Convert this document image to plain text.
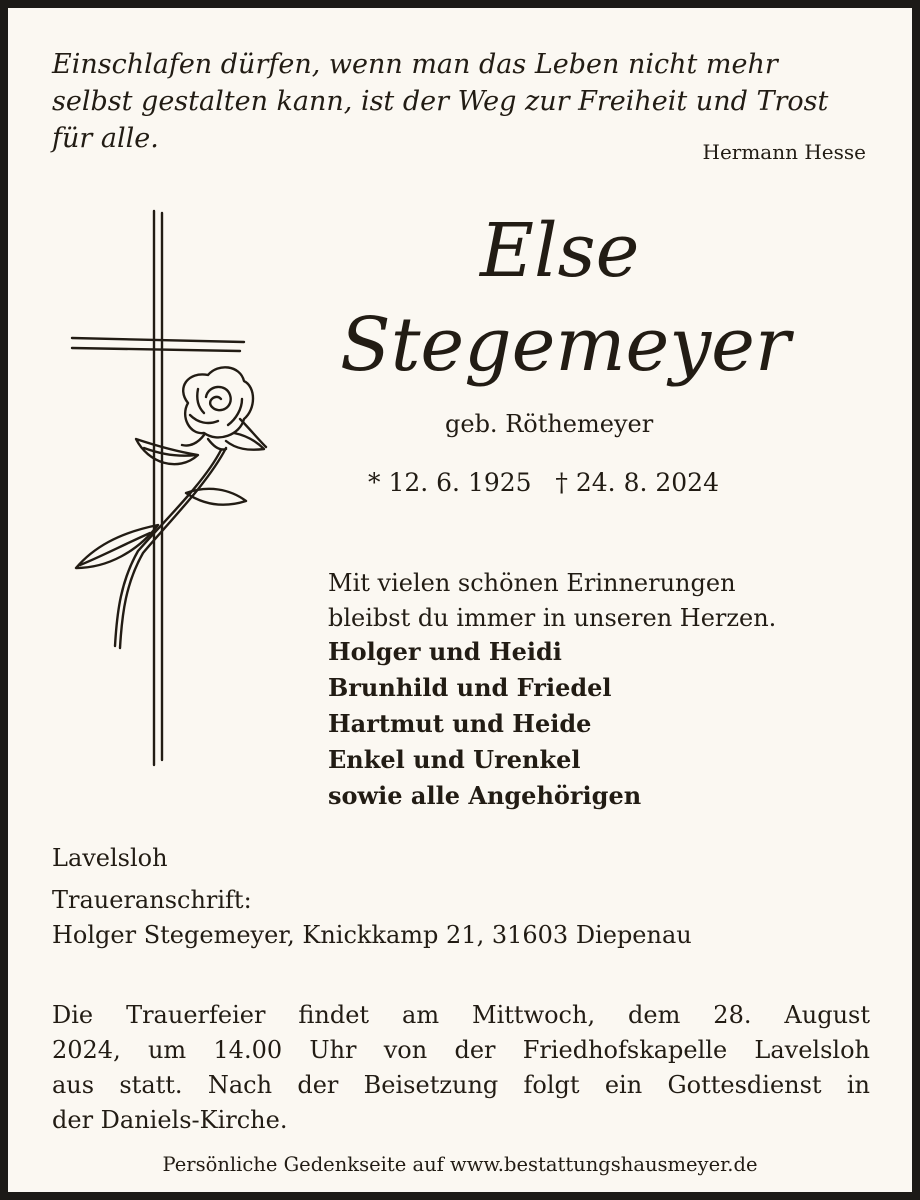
Einschlafen dürfen, wenn man das Leben nicht mehr
selbst gestalten kann, ist der Weg zur Freiheit und Trost
für alle.	Hermann Hesse
Else
Stegemeyer
geb. Röthemeyer
* 12. 6. 1925   † 24. 8. 2024
Mit vielen schönen Erinnerungen
bleibst du immer in unseren Herzen.
Holger und Heidi
Brunhild und Friedel
Hartmut und Heide
Enkel und Urenkel
sowie alle Angehörigen
Lavelsloh
Traueranschrift:
Holger Stegemeyer, Knickkamp 21, 31603 Diepenau
Die Trauerfeier findet am Mittwoch, dem 28. August
2024, um 14.00 Uhr von der Friedhofskapelle Lavelsloh
aus statt. Nach der Beisetzung folgt ein Gottesdienst in
der Daniels-Kirche.
Persönliche Gedenkseite auf www.bestattungshausmeyer.de
